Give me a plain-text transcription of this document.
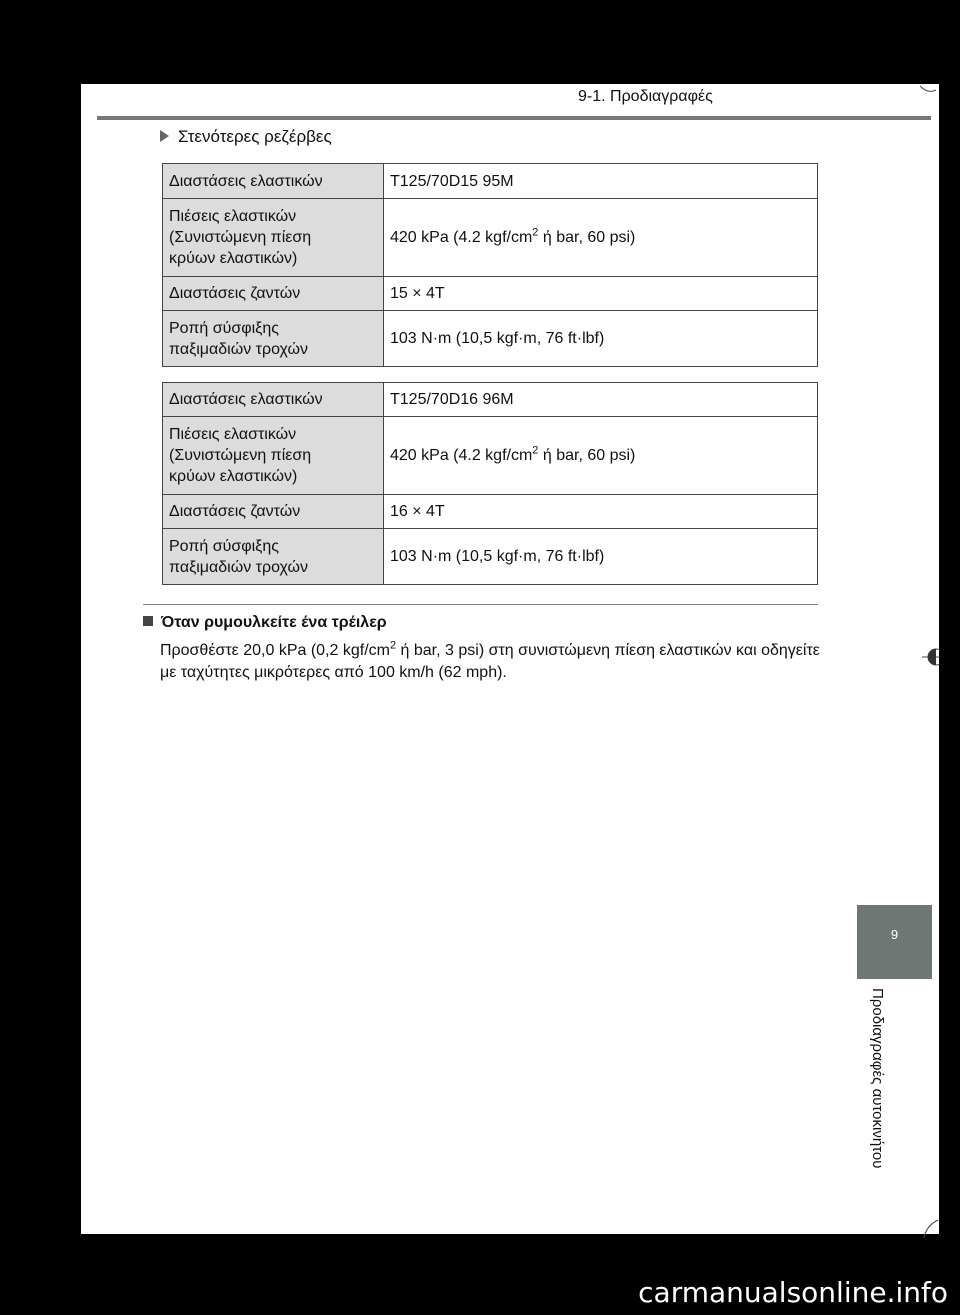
9-1. Προδιαγραφές
Στενότερες ρεζέρβες
Διαστάσεις ελαστικών	T125/70D15 95M

Πιέσεις ελαστικών
(Συνιστώμενη πίεση
κρύων ελαστικών)	420 kPa (4.2 kgf/$cm^2$ ή bar, 60 psi)
Διαστάσεις ζαντών	15 × 4T

Ροπή σύσφιξης
παξιμαδιών τροχών	103 N·m (10,5 kgf·m, 76 ft·lbf)
Διαστάσεις ελαστικών	T125/70D16 96M

Πιέσεις ελαστικών
(Συνιστώμενη πίεση
κρύων ελαστικών)	420 kPa (4.2 kgf/$cm^2$ ή bar, 60 psi)
Διαστάσεις ζαντών	16 × 4T

Ροπή σύσφιξης
παξιμαδιών τροχών	103 N·m (10,5 kgf·m, 76 ft·lbf)
Όταν ρυμουλκείτε ένα τρέιλερ
Προσθέστε 20,0 kPa (0,2 kgf/$cm^2$ ή bar, 3 psi) στη συνιστώμενη πίεση ελαστικών και οδηγείτε με ταχύτητες μικρότερες από 100 km/h (62 mph).
9
Προδιαγραφές αυτοκινήτου
carmanualsonline.info
